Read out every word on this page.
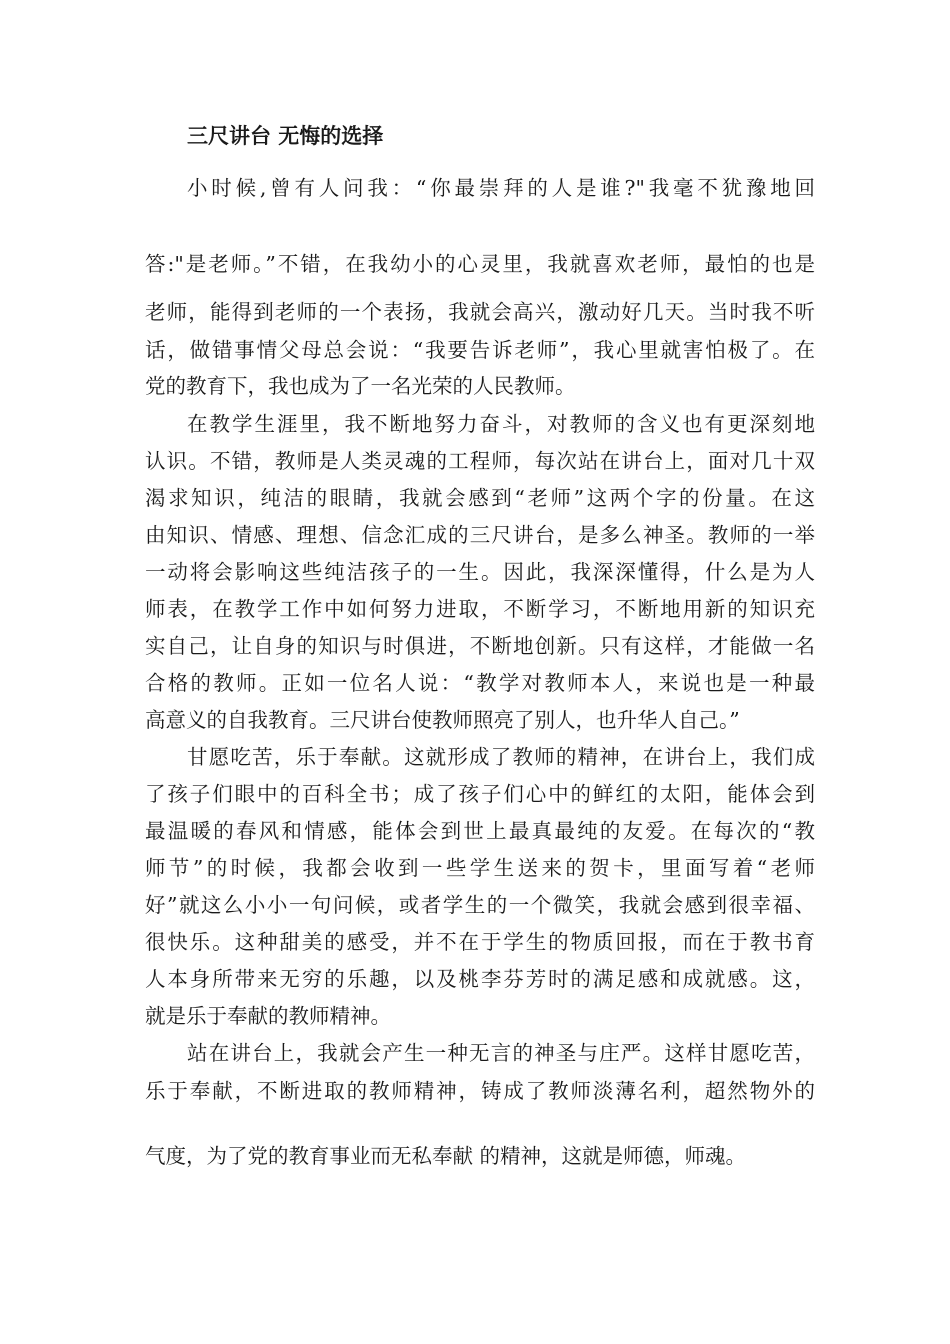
三尺讲台 无悔的选择
小时候,曾有人问我：“你最崇拜的人是谁?"我毫不犹豫地回
答:"是老师。”不错，在我幼小的心灵里，我就喜欢老师，最怕的也是
老师，能得到老师的一个表扬，我就会高兴，激动好几天。当时我不听
话，做错事情父母总会说：“我要告诉老师”，我心里就害怕极了。在
党的教育下，我也成为了一名光荣的人民教师。
在教学生涯里，我不断地努力奋斗，对教师的含义也有更深刻地
认识。不错，教师是人类灵魂的工程师，每次站在讲台上，面对几十双
渴求知识，纯洁的眼睛，我就会感到“老师”这两个字的份量。在这
由知识、情感、理想、信念汇成的三尺讲台，是多么神圣。教师的一举
一动将会影响这些纯洁孩子的一生。因此，我深深懂得，什么是为人
师表，在教学工作中如何努力进取，不断学习，不断地用新的知识充
实自己，让自身的知识与时俱进，不断地创新。只有这样，才能做一名
合格的教师。正如一位名人说：“教学对教师本人，来说也是一种最
高意义的自我教育。三尺讲台使教师照亮了别人，也升华人自己。”
甘愿吃苦，乐于奉献。这就形成了教师的精神，在讲台上，我们成
了孩子们眼中的百科全书；成了孩子们心中的鲜红的太阳，能体会到
最温暖的春风和情感，能体会到世上最真最纯的友爱。在每次的“教
师节”的时候，我都会收到一些学生送来的贺卡，里面写着“老师
好”就这么小小一句问候，或者学生的一个微笑，我就会感到很幸福、
很快乐。这种甜美的感受，并不在于学生的物质回报，而在于教书育
人本身所带来无穷的乐趣，以及桃李芬芳时的满足感和成就感。这，
就是乐于奉献的教师精神。
站在讲台上，我就会产生一种无言的神圣与庄严。这样甘愿吃苦，
乐于奉献，不断进取的教师精神，铸成了教师淡薄名利，超然物外的
气度，为了党的教育事业而无私奉献 的精神，这就是师德，师魂。
